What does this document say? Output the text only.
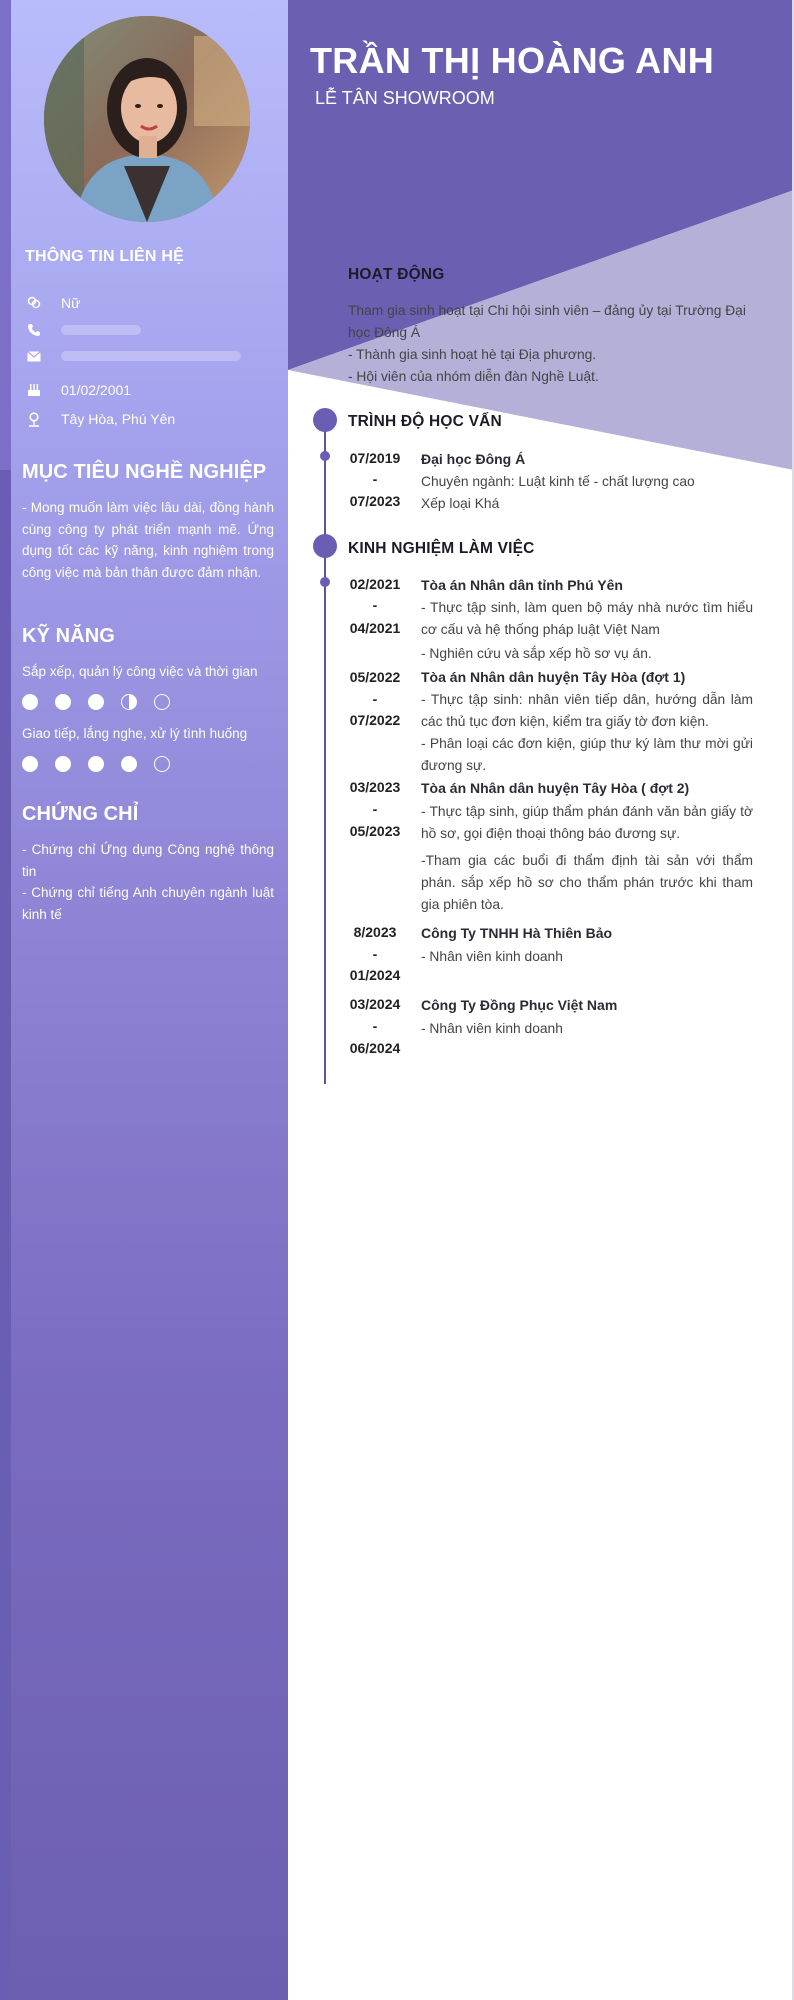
THÔNG TIN LIÊN HỆ
Nữ
01/02/2001
Tây Hòa, Phú Yên
MỤC TIÊU NGHỀ NGHIỆP
- Mong muốn làm việc lâu dài, đồng hành cùng công ty phát triển mạnh mẽ. Ứng dụng tốt các kỹ năng, kinh nghiệm trong công việc mà bản thân được đảm nhận.
KỸ NĂNG
Sắp xếp, quản lý công việc và thời gian
Giao tiếp, lắng nghe, xử lý tình huống
CHỨNG CHỈ
- Chứng chỉ Ứng dụng Công nghệ thông tin
- Chứng chỉ tiếng Anh chuyên ngành luật kinh tế
TRẦN THỊ HOÀNG ANH
LỄ TÂN SHOWROOM
HOẠT ĐỘNG
Tham gia sinh hoạt tại Chi hội sinh viên – đảng ủy tại Trường Đại học Đông Á
- Thành gia sinh hoạt hè tại Địa phương.
- Hội viên của nhóm diễn đàn Nghề Luật.
TRÌNH ĐỘ HỌC VẤN
07/2019
-
07/2023
Đại học Đông Á
Chuyên ngành: Luật kinh tế - chất lượng cao
Xếp loại Khá
KINH NGHIỆM LÀM VIỆC
02/2021
-
04/2021
Tòa án Nhân dân tỉnh Phú Yên
- Thực tập sinh, làm quen bộ máy nhà nước tìm hiểu cơ cấu và hệ thống pháp luật Việt Nam
- Nghiên cứu và sắp xếp hồ sơ vụ án.
05/2022
-
07/2022
Tòa án Nhân dân huyện Tây Hòa (đợt 1)
- Thực tập sinh: nhân viên tiếp dân, hướng dẫn làm các thủ tục đơn kiện, kiểm tra giấy tờ đơn kiện.
- Phân loại các đơn kiện, giúp thư ký làm thư mời gửi đương sự.
03/2023
-
05/2023
Tòa án Nhân dân huyện Tây Hòa ( đợt 2)
- Thực tập sinh, giúp thẩm phán đánh văn bản giấy tờ hồ sơ, gọi điện thoại thông báo đương sự.
-Tham gia các buổi đi thẩm định tài sản với thẩm phán. sắp xếp hồ sơ cho thẩm phán trước khi tham gia phiên tòa.
8/2023
-
01/2024
Công Ty TNHH Hà Thiên Bảo
- Nhân viên kinh doanh
03/2024
-
06/2024
Công Ty Đồng Phục Việt Nam
- Nhân viên kinh doanh
